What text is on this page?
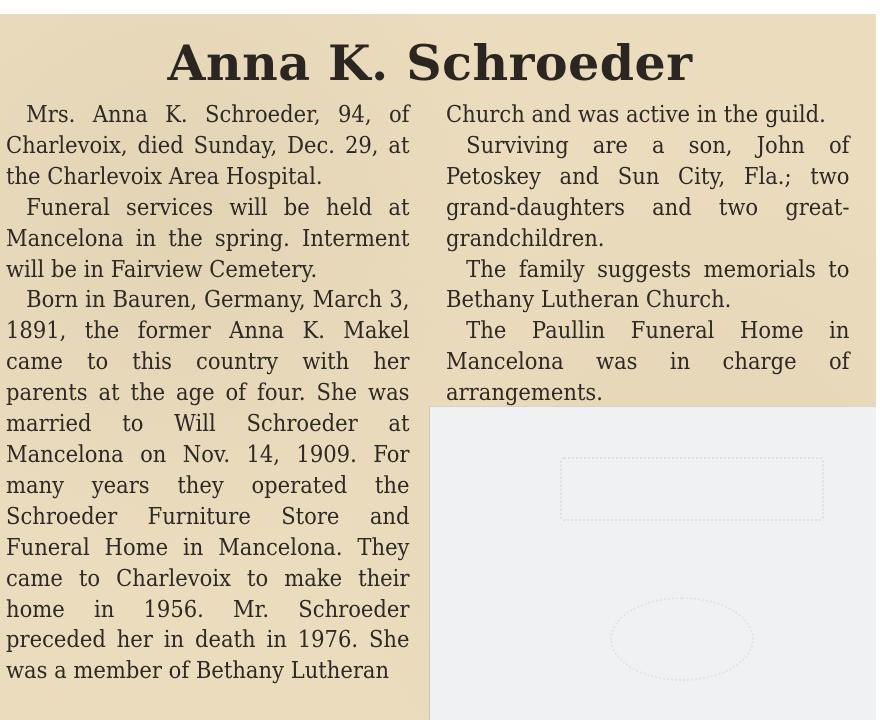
Anna K. Schroeder

Mrs. Anna K. Schroeder, 94, of Charlevoix, died Sunday, Dec. 29, at the Charlevoix Area Hospital.

Funeral services will be held at Mancelona in the spring. Interment will be in Fairview Cemetery.

Born in Bauren, Germany, March 3, 1891, the former Anna K. Makel came to this country with her parents at the age of four. She was married to Will Schroeder at Mancelona on Nov. 14, 1909. For many years they operated the Schroeder Furniture Store and Funeral Home in Mancelona. They came to Charlevoix to make their home in 1956. Mr. Schroeder preceded her in death in 1976. She was a member of Bethany Lutheran

Church and was active in the guild.

Surviving are a son, John of Petoskey and Sun City, Fla.; two grand-daughters and two great-grandchildren.

The family suggests memorials to Bethany Lutheran Church.

The Paullin Funeral Home in Mancelona was in charge of arrangements.
